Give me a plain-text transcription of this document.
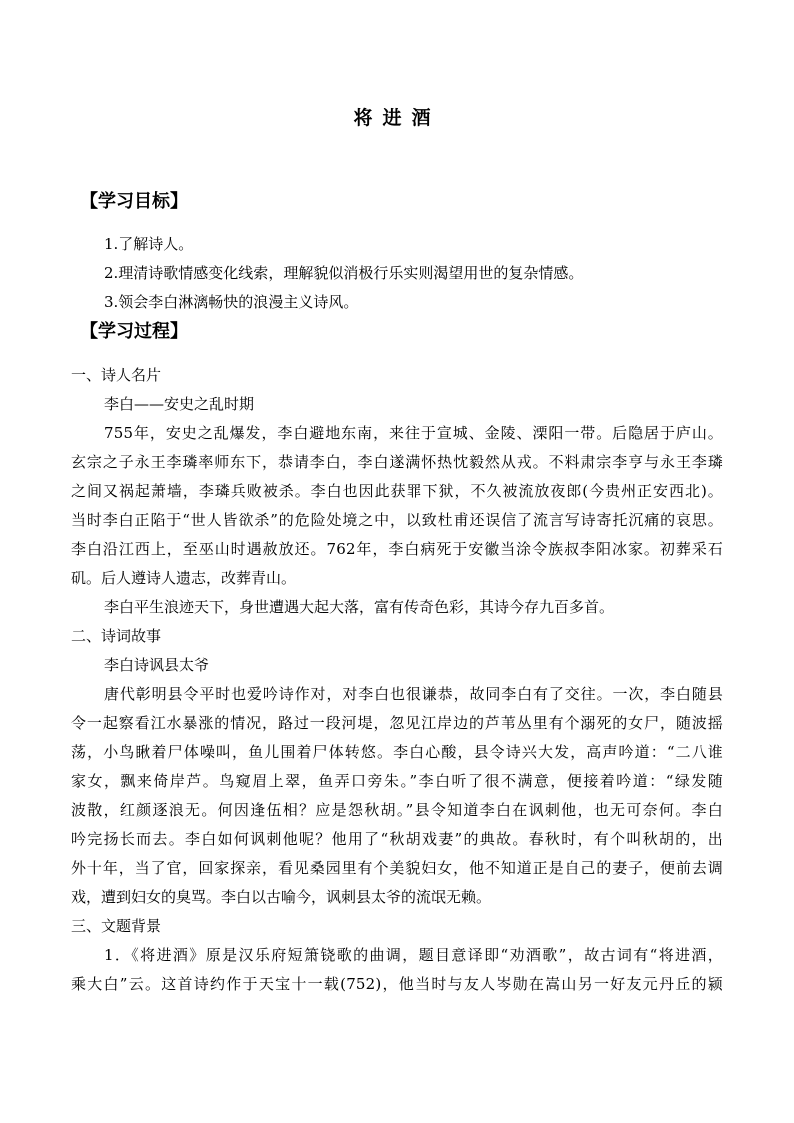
将进酒
【学习目标】
1.了解诗人。
2.理清诗歌情感变化线索，理解貌似消极行乐实则渴望用世的复杂情感。
3.领会李白淋漓畅快的浪漫主义诗风。
【学习过程】
一、诗人名片
李白——安史之乱时期
755年，安史之乱爆发，李白避地东南，来往于宣城、金陵、溧阳一带。后隐居于庐山。
玄宗之子永王李璘率师东下，恭请李白，李白遂满怀热忱毅然从戎。不料肃宗李亨与永王李璘
之间又祸起萧墙，李璘兵败被杀。李白也因此获罪下狱，不久被流放夜郎(今贵州正安西北)。
当时李白正陷于“世人皆欲杀”的危险处境之中，以致杜甫还误信了流言写诗寄托沉痛的哀思。
李白沿江西上，至巫山时遇赦放还。762年，李白病死于安徽当涂令族叔李阳冰家。初葬采石
矶。后人遵诗人遗志，改葬青山。
李白平生浪迹天下，身世遭遇大起大落，富有传奇色彩，其诗今存九百多首。
二、诗词故事
李白诗讽县太爷
唐代彰明县令平时也爱吟诗作对，对李白也很谦恭，故同李白有了交往。一次，李白随县
令一起察看江水暴涨的情况，路过一段河堤，忽见江岸边的芦苇丛里有个溺死的女尸，随波摇
荡，小鸟瞅着尸体噪叫，鱼儿围着尸体转悠。李白心酸，县令诗兴大发，高声吟道：“二八谁
家女，飘来倚岸芦。鸟窥眉上翠，鱼弄口旁朱。”李白听了很不满意，便接着吟道：“绿发随
波散，红颜逐浪无。何因逢伍相？应是怨秋胡。”县令知道李白在讽刺他，也无可奈何。李白
吟完扬长而去。李白如何讽刺他呢？他用了“秋胡戏妻”的典故。春秋时，有个叫秋胡的，出
外十年，当了官，回家探亲，看见桑园里有个美貌妇女，他不知道正是自己的妻子，便前去调
戏，遭到妇女的臭骂。李白以古喻今，讽刺县太爷的流氓无赖。
三、文题背景
1．《将进酒》原是汉乐府短箫铙歌的曲调，题目意译即“劝酒歌”，故古词有“将进酒，
乘大白”云。这首诗约作于天宝十一载(752)，他当时与友人岑勋在嵩山另一好友元丹丘的颍
